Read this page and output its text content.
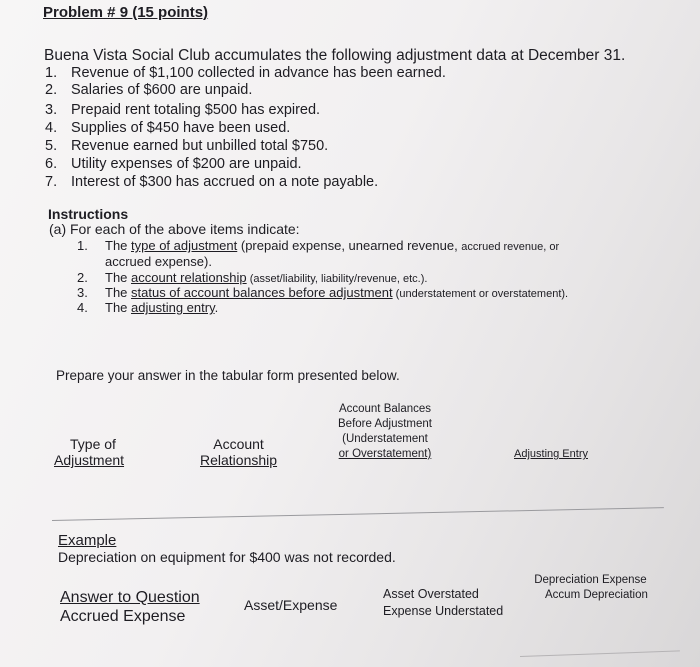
Problem # 9 (15 points)
Buena Vista Social Club accumulates the following adjustment data at December 31.
1. Revenue of $1,100 collected in advance has been earned.
2. Salaries of $600 are unpaid.
3. Prepaid rent totaling $500 has expired.
4. Supplies of $450 have been used.
5. Revenue earned but unbilled total $750.
6. Utility expenses of $200 are unpaid.
7. Interest of $300 has accrued on a note payable.
Instructions
(a) For each of the above items indicate:
1. The type of adjustment (prepaid expense, unearned revenue, accrued revenue, or
accrued expense).
2. The account relationship (asset/liability, liability/revenue, etc.).
3. The status of account balances before adjustment (understatement or overstatement).
4. The adjusting entry.
Prepare your answer in the tabular form presented below.
Type of
Adjustment
Account
Relationship
Account Balances
Before Adjustment
(Understatement
or Overstatement)	Adjusting Entry
Example
Depreciation on equipment for $400 was not recorded.
Answer to Question
Accrued Expense
Asset/Expense
Asset Overstated
Expense Understated
Depreciation Expense
Accum Depreciation
